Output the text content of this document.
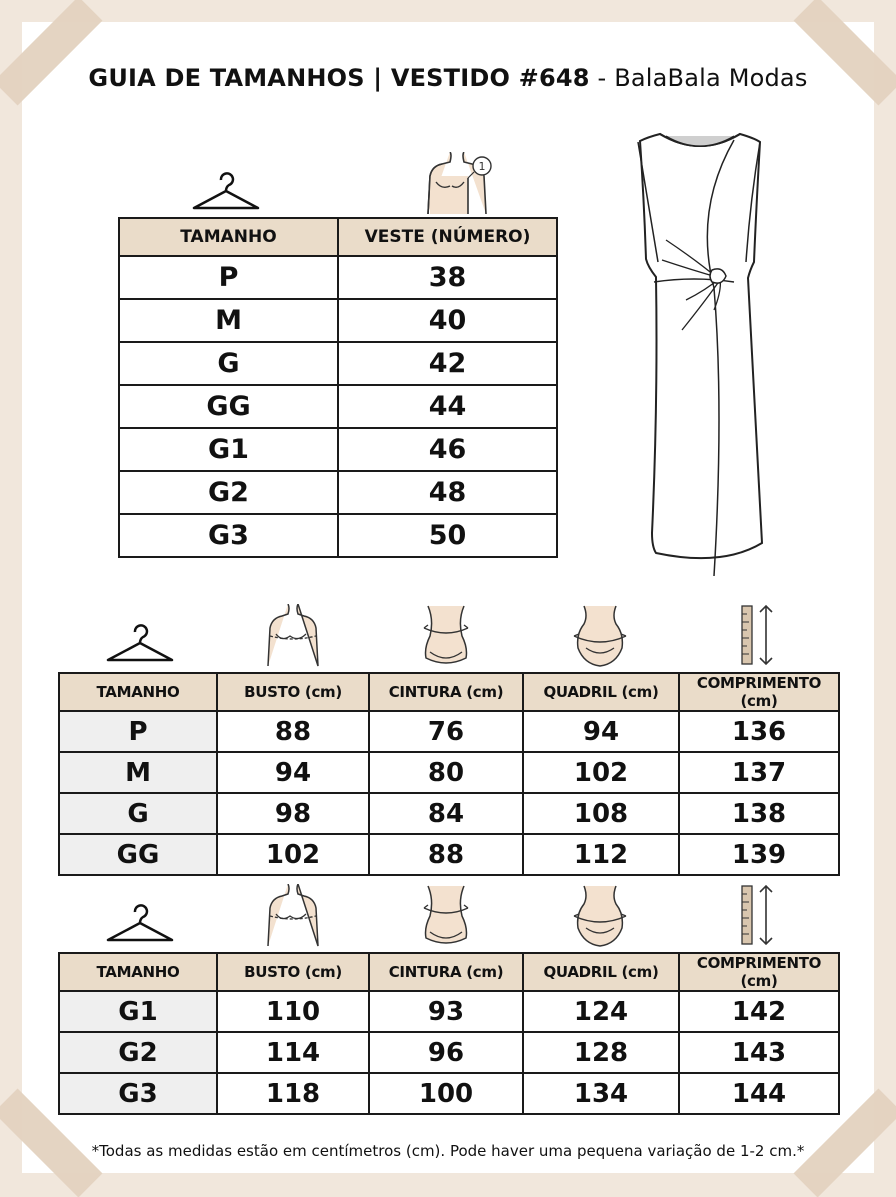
GUIA DE TAMANHOS | VESTIDO #648 - BalaBala Modas
1
TAMANHO	VESTE (NÚMERO)
P	38
M	40
G	42
GG	44
G1	46
G2	48
G3	50
TAMANHO	BUSTO (cm)	CINTURA (cm)	QUADRIL (cm)	COMPRIMENTO (cm)
P	88	76	94	136
M	94	80	102	137
G	98	84	108	138
GG	102	88	112	139
TAMANHO	BUSTO (cm)	CINTURA (cm)	QUADRIL (cm)	COMPRIMENTO (cm)
G1	110	93	124	142
G2	114	96	128	143
G3	118	100	134	144
*Todas as medidas estão em centímetros (cm). Pode haver uma pequena variação de 1-2 cm.*
